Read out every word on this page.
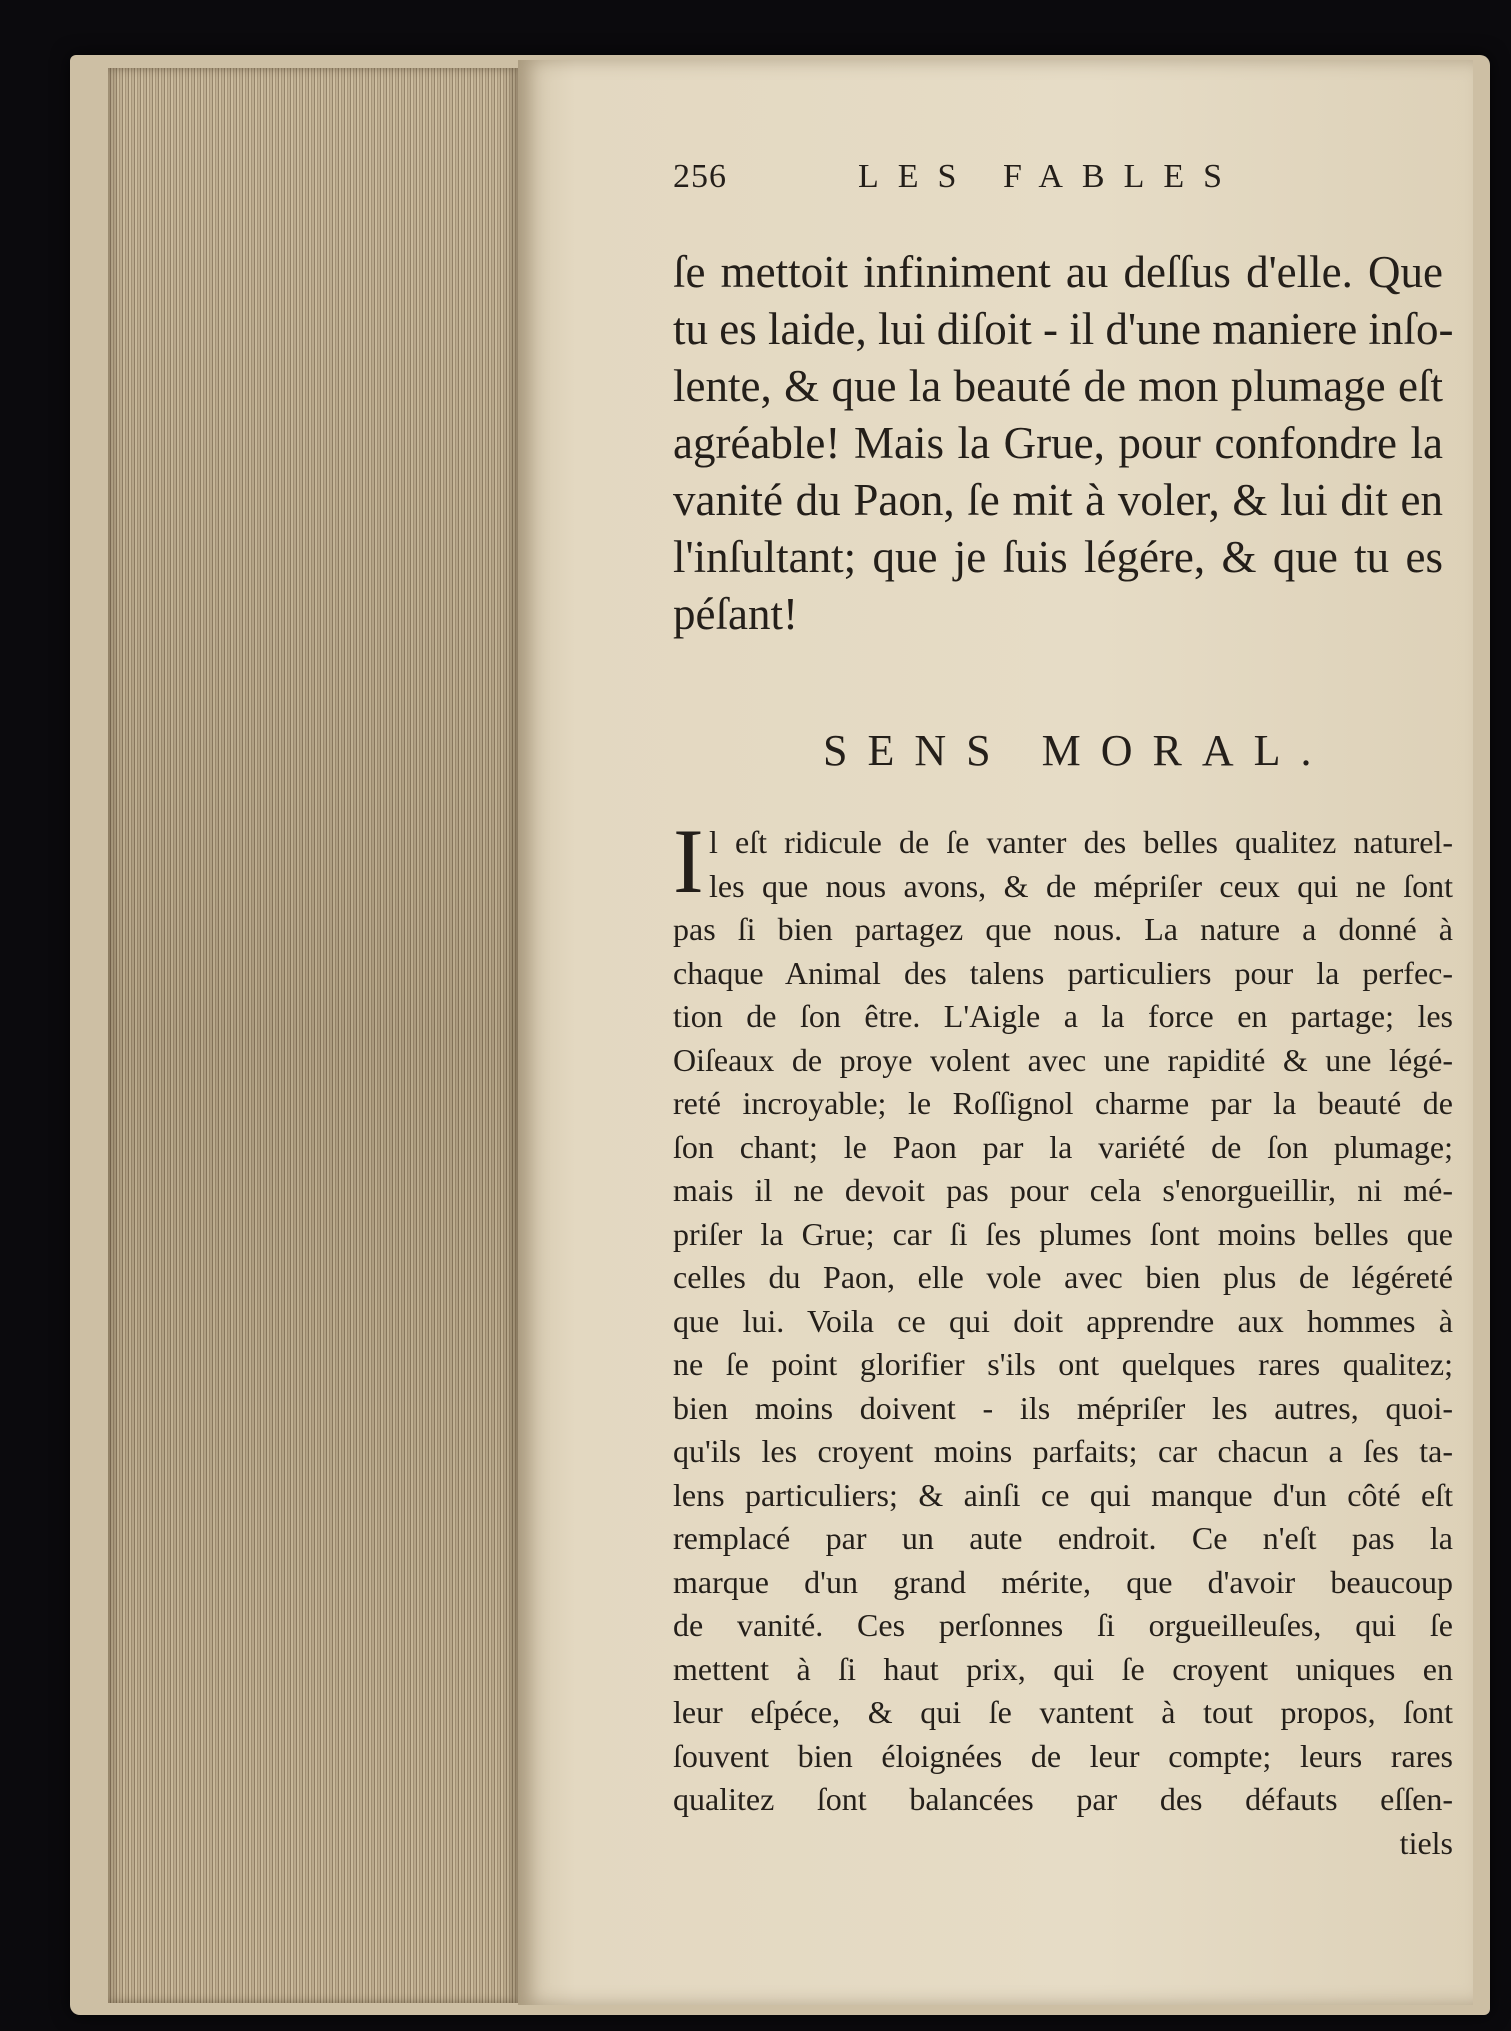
256	LES FABLES
ſe mettoit infiniment au deſſus d'elle. Que
tu es laide, lui diſoit - il d'une maniere inſo-
lente, & que la beauté de mon plumage eſt
agréable! Mais la Grue, pour confondre la
vanité du Paon, ſe mit à voler, & lui dit en
l'inſultant; que je ſuis légére, & que tu es
péſant!
SENS MORAL.
I l eſt ridicule de ſe vanter des belles qualitez naturel-
les que nous avons, & de mépriſer ceux qui ne ſont
pas ſi bien partagez que nous. La nature a donné à
chaque Animal des talens particuliers pour la perfec-
tion de ſon être. L'Aigle a la force en partage; les
Oiſeaux de proye volent avec une rapidité & une légé-
reté incroyable; le Roſſignol charme par la beauté de
ſon chant; le Paon par la variété de ſon plumage;
mais il ne devoit pas pour cela s'enorgueillir, ni mé-
priſer la Grue; car ſi ſes plumes ſont moins belles que
celles du Paon, elle vole avec bien plus de légéreté
que lui. Voila ce qui doit apprendre aux hommes à
ne ſe point glorifier s'ils ont quelques rares qualitez;
bien moins doivent - ils mépriſer les autres, quoi-
qu'ils les croyent moins parfaits; car chacun a ſes ta-
lens particuliers; & ainſi ce qui manque d'un côté eſt
remplacé par un aute endroit. Ce n'eſt pas la
marque d'un grand mérite, que d'avoir beaucoup
de vanité. Ces perſonnes ſi orgueilleuſes, qui ſe
mettent à ſi haut prix, qui ſe croyent uniques en
leur eſpéce, & qui ſe vantent à tout propos, ſont
ſouvent bien éloignées de leur compte; leurs rares
qualitez ſont balancées par des défauts eſſen-
tiels
